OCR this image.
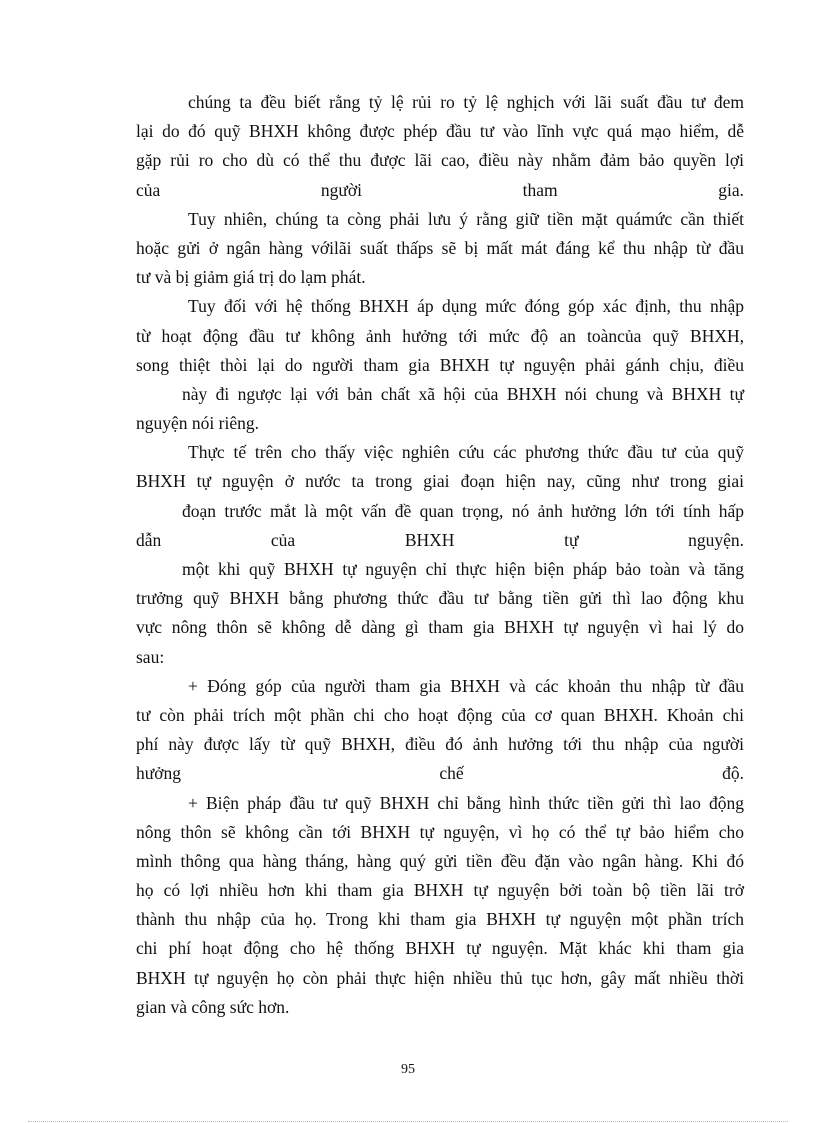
chúng ta đều biết rằng tỷ lệ rủi ro tỷ lệ nghịch với lãi suất đầu tư đem
lại do đó quỹ BHXH không được phép đầu tư vào lĩnh vực quá mạo hiểm, dễ
gặp rủi ro cho dù có thể thu được lãi cao, điều này nhằm đảm bảo quyền lợi
của người tham gia.
Tuy nhiên, chúng ta còng phải lưu ý rằng giữ tiền mặt quámức cần thiết
hoặc gửi ở ngân hàng vớilãi suất thấps sẽ bị mất mát đáng kể thu nhập từ đầu
tư và bị giảm giá trị do lạm phát.
Tuy đối với hệ thống BHXH áp dụng mức đóng góp xác định, thu nhập
từ hoạt động đầu tư không ảnh hưởng tới mức độ an toàncủa quỹ BHXH,
song thiệt thòi lại do người tham gia BHXH tự nguyện phải gánh chịu, điều
này đi ngược lại với bản chất xã hội của BHXH nói chung và BHXH tự
nguyện nói riêng.
Thực tế trên cho thấy việc nghiên cứu các phương thức đầu tư của quỹ
BHXH tự nguyện ở nước ta trong giai đoạn hiện nay, cũng như trong giai
đoạn trước mắt là một vấn đề quan trọng, nó ảnh hưởng lớn tới tính hấp
dẫn của BHXH tự nguyện.
một khi quỹ BHXH tự nguyện chỉ thực hiện biện pháp bảo toàn và tăng
trưởng quỹ BHXH bằng phương thức đầu tư bằng tiền gửi thì lao động khu
vực nông thôn sẽ không dễ dàng gì tham gia BHXH tự nguyện vì hai lý do
sau:
+ Đóng góp của người tham gia BHXH và các khoản thu nhập từ đầu
tư còn phải trích một phần chi cho hoạt động của cơ quan BHXH. Khoản chi
phí này được lấy từ quỹ BHXH, điều đó ảnh hưởng tới thu nhập của người
hưởng chế độ.
+ Biện pháp đầu tư quỹ BHXH chỉ bằng hình thức tiền gửi thì lao động
nông thôn sẽ không cần tới BHXH tự nguyện, vì họ có thể tự bảo hiểm cho
mình thông qua hàng tháng, hàng quý gửi tiền đều đặn vào ngân hàng. Khi đó
họ có lợi nhiều hơn khi tham gia BHXH tự nguyện bởi toàn bộ tiền lãi trở
thành thu nhập của họ. Trong khi tham gia BHXH tự nguyện một phần trích
chi phí hoạt động cho hệ thống BHXH tự nguyện. Mặt khác khi tham gia
BHXH tự nguyện họ còn phải thực hiện nhiều thủ tục hơn, gây mất nhiều thời
gian và công sức hơn.
95
